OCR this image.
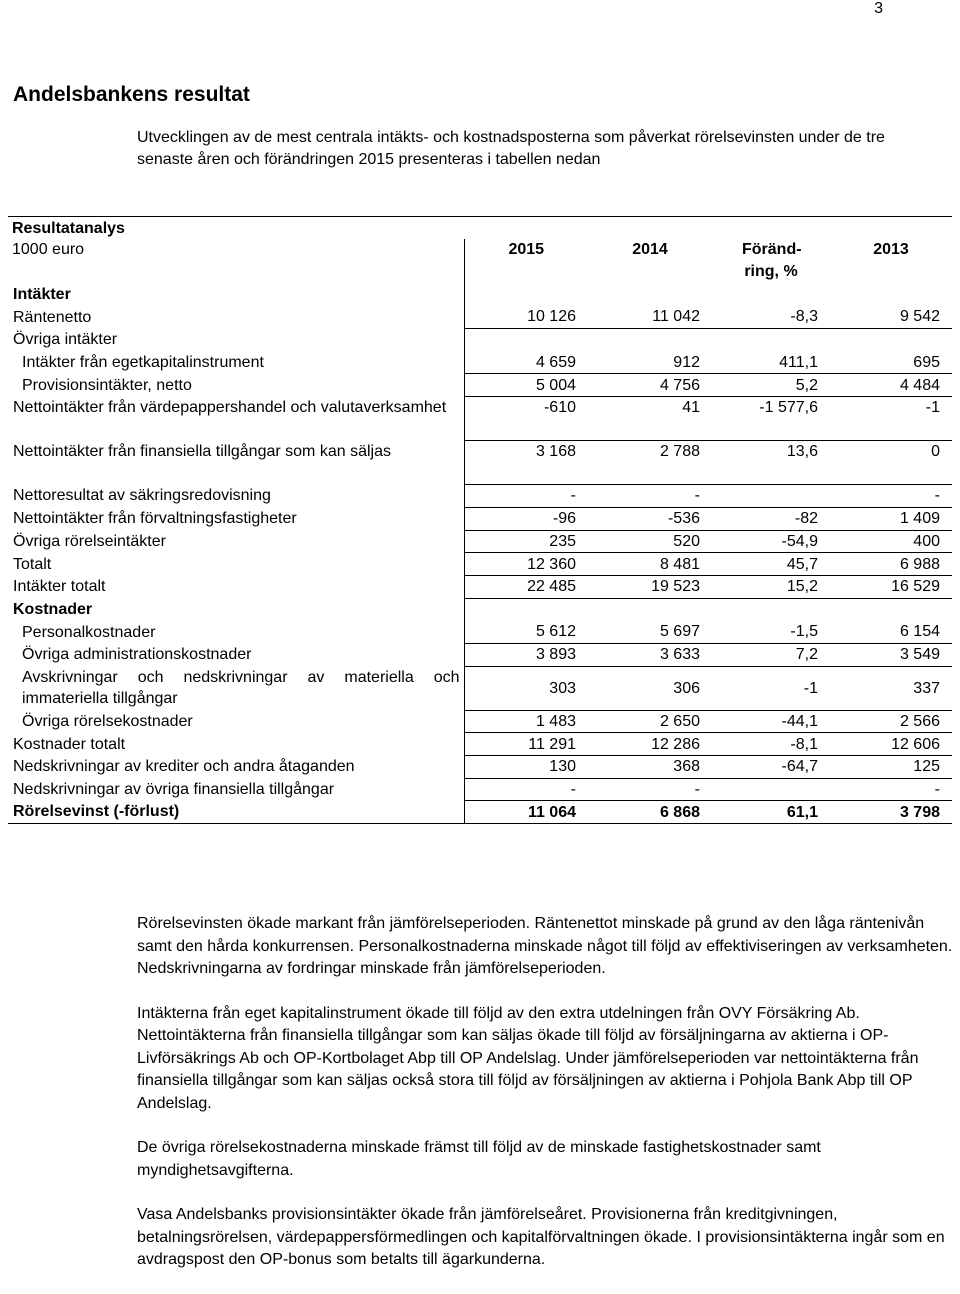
3
Andelsbankens resultat

Utvecklingen av de mest centrala intäkts- och kostnadsposterna som påverkat rörelsevinsten under de tre senaste åren och förändringen 2015 presenteras i tabellen nedan

Resultatanalys				
1000 euro	2015	2014	Föränd-ring, %	2013
Intäkter				
Räntenetto	10 126	11 042	-8,3	9 542
Övriga intäkter				
Intäkter från egetkapitalinstrument	4 659	912	411,1	695
Provisionsintäkter, netto	5 004	4 756	5,2	4 484
Nettointäkter från värdepappershandel och valutaverksamhet	-610	41	-1 577,6	-1
Nettointäkter från finansiella tillgångar som kan säljas	3 168	2 788	13,6	0
Nettoresultat av säkringsredovisning	-	-		-
Nettointäkter från förvaltningsfastigheter	-96	-536	-82	1 409
Övriga rörelseintäkter	235	520	-54,9	400
Totalt	12 360	8 481	45,7	6 988
Intäkter totalt	22 485	19 523	15,2	16 529
Kostnader				
Personalkostnader	5 612	5 697	-1,5	6 154
Övriga administrationskostnader	3 893	3 633	7,2	3 549
Avskrivningar och nedskrivningar av materiella och immateriella tillgångar	303	306	-1	337
Övriga rörelsekostnader	1 483	2 650	-44,1	2 566
Kostnader totalt	11 291	12 286	-8,1	12 606
Nedskrivningar av krediter och andra åtaganden	130	368	-64,7	125
Nedskrivningar av övriga finansiella tillgångar	-	-		-
Rörelsevinst (-förlust)	11 064	6 868	61,1	3 798

Rörelsevinsten ökade markant från jämförelseperioden. Räntenettot minskade på grund av den låga räntenivån samt den hårda konkurrensen. Personalkostnaderna minskade något till följd av effektiviseringen av verksamheten. Nedskrivningarna av fordringar minskade från jämförelseperioden.

Intäkterna från eget kapitalinstrument ökade till följd av den extra utdelningen från OVY Försäkring Ab. Nettointäkterna från finansiella tillgångar som kan säljas ökade till följd av försäljningarna av aktierna i OP-Livförsäkrings Ab och OP-Kortbolaget Abp till OP Andelslag. Under jämförelseperioden var nettointäkterna från finansiella tillgångar som kan säljas också stora till följd av försäljningen av aktierna i Pohjola Bank Abp till OP Andelslag.

De övriga rörelsekostnaderna minskade främst till följd av de minskade fastighetskostnader samt myndighetsavgifterna.

Vasa Andelsbanks provisionsintäkter ökade från jämförelseåret. Provisionerna från kreditgivningen, betalningsrörelsen, värdepappersförmedlingen och kapitalförvaltningen ökade. I provisionsintäkterna ingår som en avdragspost den OP-bonus som betalts till ägarkunderna.
